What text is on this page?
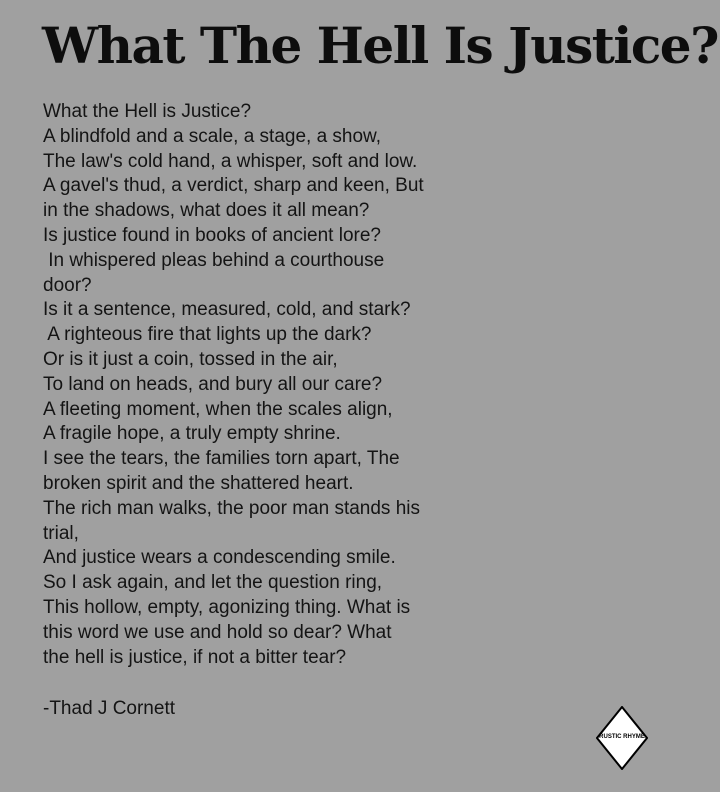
What The Hell Is Justice?
What the Hell is Justice?
A blindfold and a scale, a stage, a show,
The law's cold hand, a whisper, soft and low.
A gavel's thud, a verdict, sharp and keen, But
in the shadows, what does it all mean?
Is justice found in books of ancient lore?
In whispered pleas behind a courthouse
door?
Is it a sentence, measured, cold, and stark?
A righteous fire that lights up the dark?
Or is it just a coin, tossed in the air,
To land on heads, and bury all our care?
A fleeting moment, when the scales align,
A fragile hope, a truly empty shrine.
I see the tears, the families torn apart, The
broken spirit and the shattered heart.
The rich man walks, the poor man stands his
trial,
And justice wears a condescending smile.
So I ask again, and let the question ring,
This hollow, empty, agonizing thing. What is
this word we use and hold so dear? What
the hell is justice, if not a bitter tear?
-Thad J Cornett
RUSTIC RHYME
